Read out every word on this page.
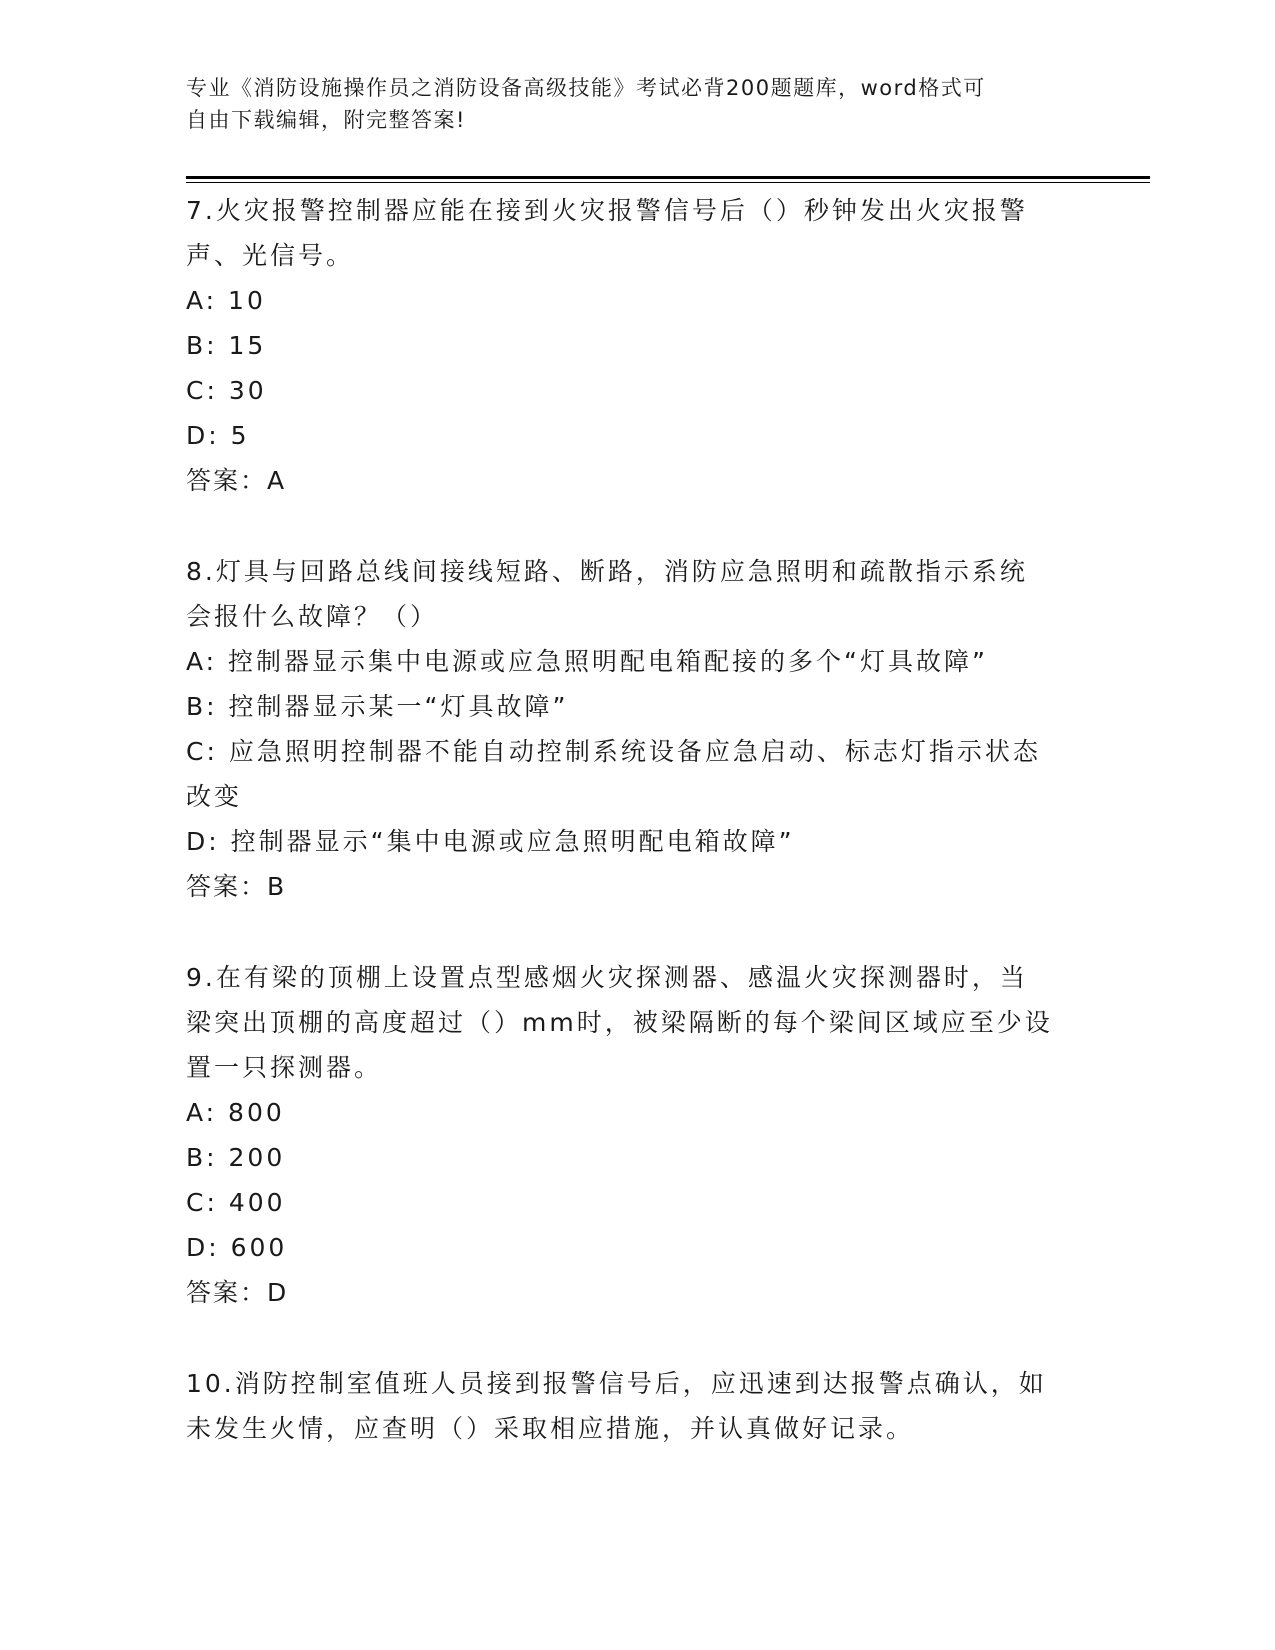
专业《消防设施操作员之消防设备高级技能》考试必背200题题库，word格式可
自由下载编辑，附完整答案!
7.火灾报警控制器应能在接到火灾报警信号后（）秒钟发出火灾报警
声、光信号。
A: 10
B: 15
C: 30
D: 5
答案：A
8.灯具与回路总线间接线短路、断路，消防应急照明和疏散指示系统
会报什么故障？（）
A: 控制器显示集中电源或应急照明配电箱配接的多个“灯具故障”
B: 控制器显示某一“灯具故障”
C: 应急照明控制器不能自动控制系统设备应急启动、标志灯指示状态
改变
D: 控制器显示“集中电源或应急照明配电箱故障”
答案：B
9.在有梁的顶棚上设置点型感烟火灾探测器、感温火灾探测器时，当
梁突出顶棚的高度超过（）mm时，被梁隔断的每个梁间区域应至少设
置一只探测器。
A: 800
B: 200
C: 400
D: 600
答案：D
10.消防控制室值班人员接到报警信号后，应迅速到达报警点确认，如
未发生火情，应查明（）采取相应措施，并认真做好记录。
